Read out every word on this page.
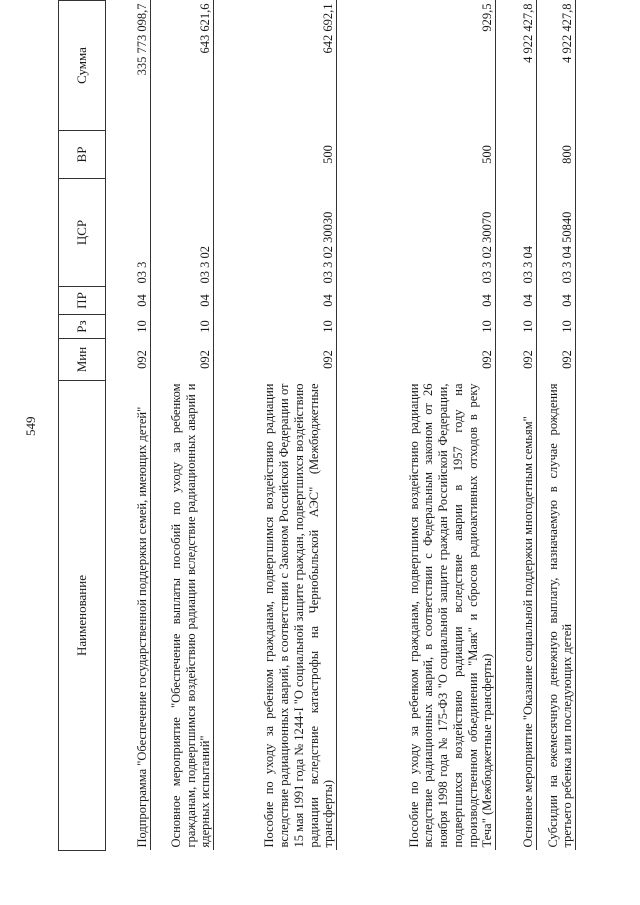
549
Наименование	Мин	Рз	ПР	ЦСР	ВР	Сумма
Подпрограмма "Обеспечение государственной поддержки семей, имеющих детей"	092	10	04	03 3		335 773 098,7
Основное мероприятие "Обеспечение выплаты пособий по уходу за ребенком гражданам, подвергшимся воздействию радиации вследствие радиационных аварий и ядерных испытаний"	092	10	04	03 3 02		643 621,6
Пособие по уходу за ребенком гражданам, подвергшимся воздействию радиации вследствие радиационных аварий, в соответствии с Законом Российской Федерации от 15 мая 1991 года № 1244-I "О социальной защите граждан, подвергшихся воздействию радиации вследствие катастрофы на Чернобыльской АЭС" (Межбюджетные трансферты)	092	10	04	03 3 02 30030	500	642 692,1
Пособие по уходу за ребенком гражданам, подвергшимся воздействию радиации вследствие радиационных аварий, в соответствии с Федеральным законом от 26 ноября 1998 года № 175-ФЗ "О социальной защите граждан Российской Федерации, подвергшихся воздействию радиации вследствие аварии в 1957 году на производственном объединении "Маяк" и сбросов радиоактивных отходов в реку Теча" (Межбюджетные трансферты)	092	10	04	03 3 02 30070	500	929,5
Основное мероприятие "Оказание социальной поддержки многодетным семьям"	092	10	04	03 3 04		4 922 427,8
Субсидии на ежемесячную денежную выплату, назначаемую в случае рождения третьего ребенка или последующих детей	092	10	04	03 3 04 50840	800	4 922 427,8
